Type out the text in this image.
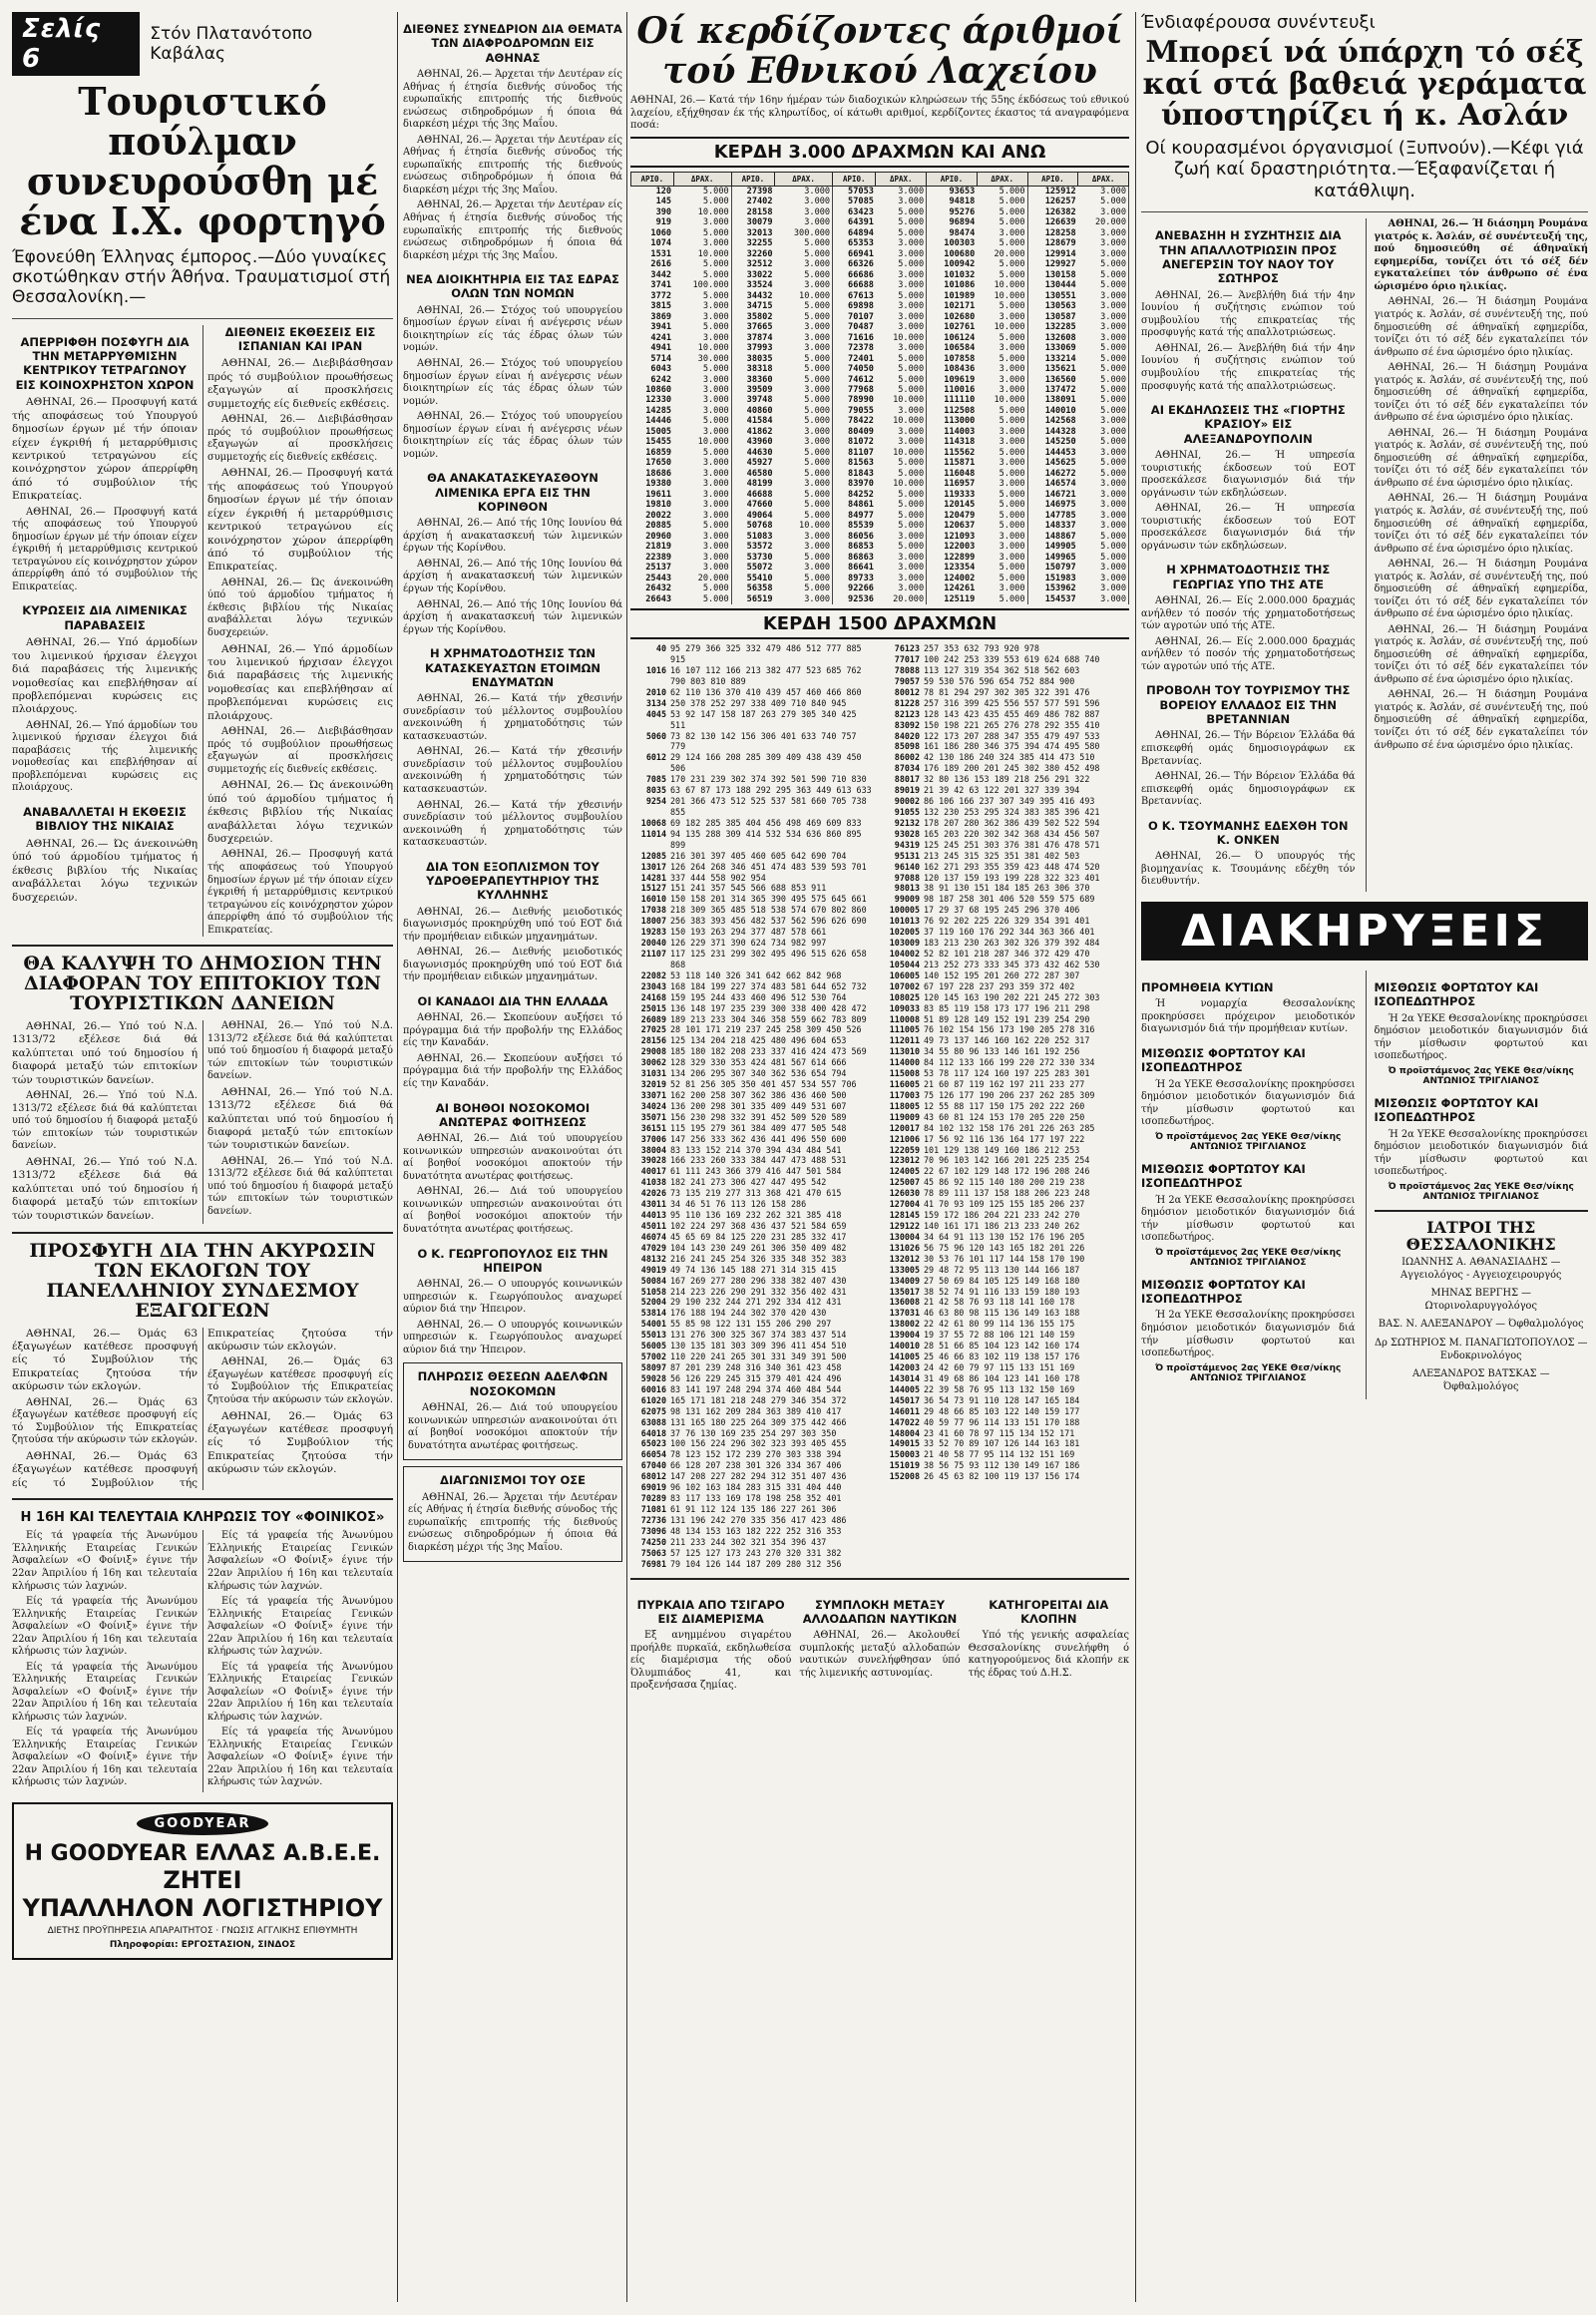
Σελίς 6
Στόν Πλατανότοπο Καβάλας
Τουριστικό πούλμαν συνευρούσθη μέ ένα Ι.Χ. φορτηγό
Έφονεύθη Έλληνας έμπορος.—Δύο γυναίκες σκοτώθηκαν στήν Άθήνα. Τραυματισμοί στή Θεσσαλονίκη.—
ΑΠΕΡΡΙΦΘΗ ΠΟΣΦΥΓΗ ΔΙΑ ΤΗΝ ΜΕΤΑΡΡΥΘΜΙΣΗΝ ΚΕΝΤΡΙΚΟΥ ΤΕΤΡΑΓΩΝΟΥ ΕΙΣ ΚΟΙΝΟΧΡΗΣΤΟΝ ΧΩΡΟΝ

ΑΘΗΝΑΙ, 26.— Προσφυγή κατά τής αποφάσεως τού Υπουργού δημοσίων έργων μέ τήν όποιαν είχεν έγκριθή ή μεταρρύθμισις κεντρικού τετραγώνου είς κοινόχρηστον χώρον άπερρίφθη άπό τό συμβούλιον τής Επικρατείας.

ΑΘΗΝΑΙ, 26.— Προσφυγή κατά τής αποφάσεως τού Υπουργού δημοσίων έργων μέ τήν όποιαν είχεν έγκριθή ή μεταρρύθμισις κεντρικού τετραγώνου είς κοινόχρηστον χώρον άπερρίφθη άπό τό συμβούλιον τής Επικρατείας.

ΚΥΡΩΣΕΙΣ ΔΙΑ ΛΙΜΕΝΙΚΑΣ ΠΑΡΑΒΑΣΕΙΣ

ΑΘΗΝΑΙ, 26.— Υπό άρμοδίων του λιμενικού ήρχισαν έλεγχοι διά παραβάσεις τής λιμενικής νομοθεσίας και επεβλήθησαν αί προβλεπόμεναι κυρώσεις εις πλοιάρχους.

ΑΘΗΝΑΙ, 26.— Υπό άρμοδίων του λιμενικού ήρχισαν έλεγχοι διά παραβάσεις τής λιμενικής νομοθεσίας και επεβλήθησαν αί προβλεπόμεναι κυρώσεις εις πλοιάρχους.

ΑΝΑΒΑΛΛΕΤΑΙ Η ΕΚΘΕΣΙΣ ΒΙΒΛΙΟΥ ΤΗΣ ΝΙΚΑΙΑΣ

ΑΘΗΝΑΙ, 26.— Ώς άνεκοινώθη ύπό τού άρμοδίου τμήματος ή έκθεσις βιβλίου τής Νικαίας αναβάλλεται λόγω τεχνικών δυσχερειών.

ΔΙΕΘΝΕΙΣ ΕΚΘΕΣΕΙΣ ΕΙΣ ΙΣΠΑΝΙΑΝ ΚΑΙ ΙΡΑΝ

ΑΘΗΝΑΙ, 26.— Διεβιβάσθησαν πρός τό συμβούλιον προωθήσεως εξαγωγών αί προσκλήσεις συμμετοχής είς διεθνείς εκθέσεις.

ΑΘΗΝΑΙ, 26.— Διεβιβάσθησαν πρός τό συμβούλιον προωθήσεως εξαγωγών αί προσκλήσεις συμμετοχής είς διεθνείς εκθέσεις.

ΑΘΗΝΑΙ, 26.— Προσφυγή κατά τής αποφάσεως τού Υπουργού δημοσίων έργων μέ τήν όποιαν είχεν έγκριθή ή μεταρρύθμισις κεντρικού τετραγώνου είς κοινόχρηστον χώρον άπερρίφθη άπό τό συμβούλιον τής Επικρατείας.

ΑΘΗΝΑΙ, 26.— Ώς άνεκοινώθη ύπό τού άρμοδίου τμήματος ή έκθεσις βιβλίου τής Νικαίας αναβάλλεται λόγω τεχνικών δυσχερειών.

ΑΘΗΝΑΙ, 26.— Υπό άρμοδίων του λιμενικού ήρχισαν έλεγχοι διά παραβάσεις τής λιμενικής νομοθεσίας και επεβλήθησαν αί προβλεπόμεναι κυρώσεις εις πλοιάρχους.

ΑΘΗΝΑΙ, 26.— Διεβιβάσθησαν πρός τό συμβούλιον προωθήσεως εξαγωγών αί προσκλήσεις συμμετοχής είς διεθνείς εκθέσεις.

ΑΘΗΝΑΙ, 26.— Ώς άνεκοινώθη ύπό τού άρμοδίου τμήματος ή έκθεσις βιβλίου τής Νικαίας αναβάλλεται λόγω τεχνικών δυσχερειών.

ΑΘΗΝΑΙ, 26.— Προσφυγή κατά τής αποφάσεως τού Υπουργού δημοσίων έργων μέ τήν όποιαν είχεν έγκριθή ή μεταρρύθμισις κεντρικού τετραγώνου είς κοινόχρηστον χώρον άπερρίφθη άπό τό συμβούλιον τής Επικρατείας.

ΘΑ ΚΑΛΥΨΗ ΤΟ ΔΗΜΟΣΙΟΝ ΤΗΝ ΔΙΑΦΟΡΑΝ ΤΟΥ ΕΠΙΤΟΚΙΟΥ ΤΩΝ ΤΟΥΡΙΣΤΙΚΩΝ ΔΑΝΕΙΩΝ

ΑΘΗΝΑΙ, 26.— Υπό τού Ν.Δ. 1313/72 εξέλεσε διά θά καλύπτεται υπό τού δημοσίου ή διαφορά μεταξύ τών επιτοκίων τών τουριστικών δανείων.

ΑΘΗΝΑΙ, 26.— Υπό τού Ν.Δ. 1313/72 εξέλεσε διά θά καλύπτεται υπό τού δημοσίου ή διαφορά μεταξύ τών επιτοκίων τών τουριστικών δανείων.

ΑΘΗΝΑΙ, 26.— Υπό τού Ν.Δ. 1313/72 εξέλεσε διά θά καλύπτεται υπό τού δημοσίου ή διαφορά μεταξύ τών επιτοκίων τών τουριστικών δανείων.

ΑΘΗΝΑΙ, 26.— Υπό τού Ν.Δ. 1313/72 εξέλεσε διά θά καλύπτεται υπό τού δημοσίου ή διαφορά μεταξύ τών επιτοκίων τών τουριστικών δανείων.

ΑΘΗΝΑΙ, 26.— Υπό τού Ν.Δ. 1313/72 εξέλεσε διά θά καλύπτεται υπό τού δημοσίου ή διαφορά μεταξύ τών επιτοκίων τών τουριστικών δανείων.

ΑΘΗΝΑΙ, 26.— Υπό τού Ν.Δ. 1313/72 εξέλεσε διά θά καλύπτεται υπό τού δημοσίου ή διαφορά μεταξύ τών επιτοκίων τών τουριστικών δανείων.

ΠΡΟΣΦΥΓΗ ΔΙΑ ΤΗΝ ΑΚΥΡΩΣΙΝ ΤΩΝ ΕΚΛΟΓΩΝ ΤΟΥ ΠΑΝΕΛΛΗΝΙΟΥ ΣΥΝΔΕΣΜΟΥ ΕΞΑΓΩΓΕΩΝ

ΑΘΗΝΑΙ, 26.— Όμάς 63 έξαγωγέων κατέθεσε προσφυγή είς τό Συμβούλιον τής Επικρατείας ζητούσα τήν ακύρωσιν τών εκλογών.

ΑΘΗΝΑΙ, 26.— Όμάς 63 έξαγωγέων κατέθεσε προσφυγή είς τό Συμβούλιον τής Επικρατείας ζητούσα τήν ακύρωσιν τών εκλογών.

ΑΘΗΝΑΙ, 26.— Όμάς 63 έξαγωγέων κατέθεσε προσφυγή είς τό Συμβούλιον τής Επικρατείας ζητούσα τήν ακύρωσιν τών εκλογών.

ΑΘΗΝΑΙ, 26.— Όμάς 63 έξαγωγέων κατέθεσε προσφυγή είς τό Συμβούλιον τής Επικρατείας ζητούσα τήν ακύρωσιν τών εκλογών.

ΑΘΗΝΑΙ, 26.— Όμάς 63 έξαγωγέων κατέθεσε προσφυγή είς τό Συμβούλιον τής Επικρατείας ζητούσα τήν ακύρωσιν τών εκλογών.

Η 16Η ΚΑΙ ΤΕΛΕΥΤΑΙΑ ΚΛΗΡΩΣΙΣ ΤΟΥ «ΦΟΙΝΙΚΟΣ»

Είς τά γραφεία τής Άνωνύμου Έλληνικής Εταιρείας Γενικών Άσφαλείων «Ο Φοίνιξ» έγινε τήν 22αν Άπριλίου ή 16η και τελευταία κλήρωσις τών λαχνών.

Είς τά γραφεία τής Άνωνύμου Έλληνικής Εταιρείας Γενικών Άσφαλείων «Ο Φοίνιξ» έγινε τήν 22αν Άπριλίου ή 16η και τελευταία κλήρωσις τών λαχνών.

Είς τά γραφεία τής Άνωνύμου Έλληνικής Εταιρείας Γενικών Άσφαλείων «Ο Φοίνιξ» έγινε τήν 22αν Άπριλίου ή 16η και τελευταία κλήρωσις τών λαχνών.

Είς τά γραφεία τής Άνωνύμου Έλληνικής Εταιρείας Γενικών Άσφαλείων «Ο Φοίνιξ» έγινε τήν 22αν Άπριλίου ή 16η και τελευταία κλήρωσις τών λαχνών.

Είς τά γραφεία τής Άνωνύμου Έλληνικής Εταιρείας Γενικών Άσφαλείων «Ο Φοίνιξ» έγινε τήν 22αν Άπριλίου ή 16η και τελευταία κλήρωσις τών λαχνών.

Είς τά γραφεία τής Άνωνύμου Έλληνικής Εταιρείας Γενικών Άσφαλείων «Ο Φοίνιξ» έγινε τήν 22αν Άπριλίου ή 16η και τελευταία κλήρωσις τών λαχνών.

Είς τά γραφεία τής Άνωνύμου Έλληνικής Εταιρείας Γενικών Άσφαλείων «Ο Φοίνιξ» έγινε τήν 22αν Άπριλίου ή 16η και τελευταία κλήρωσις τών λαχνών.

Είς τά γραφεία τής Άνωνύμου Έλληνικής Εταιρείας Γενικών Άσφαλείων «Ο Φοίνιξ» έγινε τήν 22αν Άπριλίου ή 16η και τελευταία κλήρωσις τών λαχνών.

GOODYEAR
Η GOODYEAR ΕΛΛΑΣ Α.Β.Ε.Ε.
ΖΗΤΕΙ
ΥΠΑΛΛΗΛΟΝ ΛΟΓΙΣΤΗΡΙΟΥ
ΔΙΕΤΗΣ ΠΡΟΫΠΗΡΕΣΙΑ ΑΠΑΡΑΙΤΗΤΟΣ · ΓΝΩΣΙΣ ΑΓΓΛΙΚΗΣ ΕΠΙΘΥΜΗΤΗ
Πληροφορίαι: ΕΡΓΟΣΤΑΣΙΟΝ, ΣΙΝΔΟΣ
ΔΙΕΘΝΕΣ ΣΥΝΕΔΡΙΟΝ ΔΙΑ ΘΕΜΑΤΑ ΤΩΝ ΔΙΑΦΡΟΔΡΟΜΩΝ ΕΙΣ ΑΘΗΝΑΣ

ΑΘΗΝΑΙ, 26.— Άρχεται τήν Δευτέραν είς Αθήνας ή έτησία διεθνής σύνοδος τής ευρωπαϊκής επιτροπής τής διεθνούς ενώσεως σιδηροδρόμων ή όποια θά διαρκέση μέχρι τής 3ης Μαΐου.

ΑΘΗΝΑΙ, 26.— Άρχεται τήν Δευτέραν είς Αθήνας ή έτησία διεθνής σύνοδος τής ευρωπαϊκής επιτροπής τής διεθνούς ενώσεως σιδηροδρόμων ή όποια θά διαρκέση μέχρι τής 3ης Μαΐου.

ΑΘΗΝΑΙ, 26.— Άρχεται τήν Δευτέραν είς Αθήνας ή έτησία διεθνής σύνοδος τής ευρωπαϊκής επιτροπής τής διεθνούς ενώσεως σιδηροδρόμων ή όποια θά διαρκέση μέχρι τής 3ης Μαΐου.

ΝΕΑ ΔΙΟΙΚΗΤΗΡΙΑ ΕΙΣ ΤΑΣ ΕΔΡΑΣ ΟΛΩΝ ΤΩΝ ΝΟΜΩΝ

ΑΘΗΝΑΙ, 26.— Στόχος τού υπουργείου δημοσίων έργων είναι ή ανέγερσις νέων διοικητηρίων είς τάς έδρας όλων τών νομών.

ΑΘΗΝΑΙ, 26.— Στόχος τού υπουργείου δημοσίων έργων είναι ή ανέγερσις νέων διοικητηρίων είς τάς έδρας όλων τών νομών.

ΑΘΗΝΑΙ, 26.— Στόχος τού υπουργείου δημοσίων έργων είναι ή ανέγερσις νέων διοικητηρίων είς τάς έδρας όλων τών νομών.

ΘΑ ΑΝΑΚΑΤΑΣΚΕΥΑΣΘΟΥΝ ΛΙΜΕΝΙΚΑ ΕΡΓΑ ΕΙΣ ΤΗΝ ΚΟΡΙΝΘΟΝ

ΑΘΗΝΑΙ, 26.— Από τής 10ης Ιουνίου θά άρχίση ή ανακατασκευή τών λιμενικών έργων τής Κορίνθου.

ΑΘΗΝΑΙ, 26.— Από τής 10ης Ιουνίου θά άρχίση ή ανακατασκευή τών λιμενικών έργων τής Κορίνθου.

ΑΘΗΝΑΙ, 26.— Από τής 10ης Ιουνίου θά άρχίση ή ανακατασκευή τών λιμενικών έργων τής Κορίνθου.

Η ΧΡΗΜΑΤΟΔΟΤΗΣΙΣ ΤΩΝ ΚΑΤΑΣΚΕΥΑΣΤΩΝ ΕΤΟΙΜΩΝ ΕΝΔΥΜΑΤΩΝ

ΑΘΗΝΑΙ, 26.— Κατά τήν χθεσινήν συνεδρίασιν τού μέλλοντος συμβουλίου ανεκοινώθη ή χρηματοδότησις τών κατασκευαστών.

ΑΘΗΝΑΙ, 26.— Κατά τήν χθεσινήν συνεδρίασιν τού μέλλοντος συμβουλίου ανεκοινώθη ή χρηματοδότησις τών κατασκευαστών.

ΑΘΗΝΑΙ, 26.— Κατά τήν χθεσινήν συνεδρίασιν τού μέλλοντος συμβουλίου ανεκοινώθη ή χρηματοδότησις τών κατασκευαστών.

ΔΙΑ ΤΟΝ ΕΞΟΠΛΙΣΜΟΝ ΤΟΥ ΥΔΡΟΘΕΡΑΠΕΥΤΗΡΙΟΥ ΤΗΣ ΚΥΛΛΗΝΗΣ

ΑΘΗΝΑΙ, 26.— Διεθνής μειοδοτικός διαγωνισμός προκηρύχθη υπό τού ΕΟΤ διά τήν προμήθειαν ειδικών μηχανημάτων.

ΑΘΗΝΑΙ, 26.— Διεθνής μειοδοτικός διαγωνισμός προκηρύχθη υπό τού ΕΟΤ διά τήν προμήθειαν ειδικών μηχανημάτων.

ΟΙ ΚΑΝΑΔΟΙ ΔΙΑ ΤΗΝ ΕΛΛΑΔΑ

ΑΘΗΝΑΙ, 26.— Σκοπεύουν αυξήσει τό πρόγραμμα διά τήν προβολήν της Ελλάδος είς την Καναδάν.

ΑΘΗΝΑΙ, 26.— Σκοπεύουν αυξήσει τό πρόγραμμα διά τήν προβολήν της Ελλάδος είς την Καναδάν.

ΑΙ ΒΟΗΘΟΙ ΝΟΣΟΚΟΜΟΙ ΑΝΩΤΕΡΑΣ ΦΟΙΤΗΣΕΩΣ

ΑΘΗΝΑΙ, 26.— Διά τού υπουργείου κοινωνικών υπηρεσιών ανακοινούται ότι αί βοηθοί νοσοκόμοι αποκτούν τήν δυνατότητα ανωτέρας φοιτήσεως.

ΑΘΗΝΑΙ, 26.— Διά τού υπουργείου κοινωνικών υπηρεσιών ανακοινούται ότι αί βοηθοί νοσοκόμοι αποκτούν τήν δυνατότητα ανωτέρας φοιτήσεως.

Ο Κ. ΓΕΩΡΓΟΠΟΥΛΟΣ ΕΙΣ ΤΗΝ ΗΠΕΙΡΟΝ

ΑΘΗΝΑΙ, 26.— Ο υπουργός κοινωνικών υπηρεσιών κ. Γεωργόπουλος αναχωρεί αύριον διά την Ήπειρον.

ΑΘΗΝΑΙ, 26.— Ο υπουργός κοινωνικών υπηρεσιών κ. Γεωργόπουλος αναχωρεί αύριον διά την Ήπειρον.

ΠΛΗΡΩΣΙΣ ΘΕΣΕΩΝ ΑΔΕΛΦΩΝ ΝΟΣΟΚΟΜΩΝ

ΑΘΗΝΑΙ, 26.— Διά τού υπουργείου κοινωνικών υπηρεσιών ανακοινούται ότι αί βοηθοί νοσοκόμοι αποκτούν τήν δυνατότητα ανωτέρας φοιτήσεως.

ΔΙΑΓΩΝΙΣΜΟΙ ΤΟΥ ΟΣΕ

ΑΘΗΝΑΙ, 26.— Άρχεται τήν Δευτέραν είς Αθήνας ή έτησία διεθνής σύνοδος τής ευρωπαϊκής επιτροπής τής διεθνούς ενώσεως σιδηροδρόμων ή όποια θά διαρκέση μέχρι τής 3ης Μαΐου.

Οί κερδίζοντες άριθμοί τού Εθνικού Λαχείου

ΑΘΗΝΑΙ, 26.— Κατά τήν 16ην ήμέραν τών διαδοχικών κληρώσεων τής 55ης έκδόσεως τού εθνικού λαχείου, εξήχθησαν έκ τής κληρωτίδος, οί κάτωθι αριθμοί, κερδίζοντες έκαστος τά αναγραφόμενα ποσά:

ΚΕΡΔΗ 3.000 ΔΡΑΧΜΩΝ ΚΑΙ ΑΝΩ
ΑΡΙΘ.	ΔΡΑΧ.	ΑΡΙΘ.	ΔΡΑΧ.	ΑΡΙΘ.	ΔΡΑΧ.	ΑΡΙΘ.	ΔΡΑΧ.	ΑΡΙΘ.	ΔΡΑΧ.
120	5.000	27398	3.000	57053	3.000	93653	5.000	125912	3.000
145	5.000	27402	3.000	57085	3.000	94818	5.000	126257	5.000
390	10.000	28158	3.000	63423	5.000	95276	5.000	126382	3.000
919	3.000	30079	3.000	64391	5.000	96894	5.000	126639	20.000
1060	5.000	32013	300.000	64894	5.000	98474	3.000	128258	3.000
1074	3.000	32255	5.000	65353	3.000	100303	5.000	128679	3.000
1531	10.000	32260	5.000	66941	3.000	100680	20.000	129914	3.000
2616	5.000	32512	3.000	66326	5.000	100942	5.000	129927	5.000
3442	5.000	33022	5.000	66686	3.000	101032	5.000	130158	5.000
3741	100.000	33524	3.000	66688	3.000	101086	10.000	130444	5.000
3772	5.000	34432	10.000	67613	5.000	101989	10.000	130551	3.000
3815	3.000	34715	5.000	69898	3.000	102171	5.000	130563	3.000
3869	3.000	35802	5.000	70107	3.000	102680	3.000	130587	3.000
3941	5.000	37665	3.000	70487	3.000	102761	10.000	132285	3.000
4241	3.000	37874	3.000	71616	10.000	106124	5.000	132608	3.000
4941	10.000	37993	3.000	72378	3.000	106584	3.000	133069	5.000
5714	30.000	38035	5.000	72401	5.000	107858	5.000	133214	5.000
6043	5.000	38318	5.000	74050	5.000	108436	3.000	135621	5.000
6242	3.000	38360	5.000	74612	5.000	109619	3.000	136560	5.000
10860	3.000	39509	3.000	77968	5.000	110016	3.000	137472	5.000
12330	3.000	39748	5.000	78990	10.000	111110	10.000	138091	5.000
14285	3.000	40860	5.000	79055	3.000	112508	5.000	140010	5.000
14446	5.000	41584	5.000	78422	10.000	113000	5.000	142568	3.000
15005	3.000	41862	3.000	80409	3.000	114003	3.000	144328	3.000
15455	10.000	43960	3.000	81072	3.000	114318	3.000	145250	5.000
16859	5.000	44630	5.000	81107	10.000	115562	5.000	144453	3.000
17650	3.000	45927	5.000	81563	5.000	115871	3.000	145625	5.000
18686	3.000	46580	5.000	81843	5.000	116048	5.000	146272	5.000
19380	3.000	48199	3.000	83970	10.000	116957	3.000	146574	3.000
19611	3.000	46688	5.000	84252	5.000	119333	5.000	146721	3.000
19810	3.000	47660	5.000	84861	5.000	120145	5.000	146975	3.000
20022	3.000	49064	5.000	84977	5.000	120479	5.000	147785	3.000
20885	5.000	50768	10.000	85539	5.000	120637	5.000	148337	3.000
20960	3.000	51083	3.000	86056	3.000	121093	3.000	148867	5.000
21819	3.000	53572	3.000	86853	5.000	122003	3.000	149905	5.000
22389	3.000	53730	5.000	86863	3.000	122899	3.000	149965	5.000
25137	3.000	55072	3.000	86641	3.000	123354	5.000	150797	3.000
25443	20.000	55410	5.000	89733	3.000	124002	5.000	151983	3.000
26432	5.000	56358	5.000	92266	3.000	124261	3.000	153962	3.000
26643	5.000	56519	3.000	92536	20.000	125119	5.000	154537	3.000
ΚΕΡΔΗ 1500 ΔΡΑΧΜΩΝ
40 95 279 366 325 332 479 486 512 777 885 915
1016 16 107 112 166 213 382 477 523 685 762 790 803 810 889
2010 62 110 136 370 410 439 457 460 466 860
3134 250 378 252 297 338 409 710 840 945
4045 53 92 147 158 187 263 279 305 340 425 511
5060 73 82 130 142 156 306 401 633 740 757 779
6012 29 124 166 208 285 309 409 438 439 450 506
7085 170 231 239 302 374 392 501 590 710 830
8035 63 67 87 173 188 292 295 363 449 613 633
9254 201 366 473 512 525 537 581 660 705 738 855
10068 69 182 285 385 404 456 498 469 609 833
11014 94 135 288 309 414 532 534 636 860 895 899
12085 216 301 397 405 460 605 642 690 704
13017 126 264 268 346 451 474 483 539 593 701
14281 337 444 558 902 954
15127 151 241 357 545 566 688 853 911
16010 150 158 201 314 365 390 495 575 645 661
17038 218 309 365 485 518 538 574 670 802 860
18007 256 383 393 456 482 537 562 596 626 690
19283 150 193 263 294 377 487 578 661
20040 126 229 371 390 624 734 982 997
21107 117 125 231 299 302 495 496 515 626 658 868
22082 53 118 140 326 341 642 662 842 968
23043 168 184 199 227 374 483 581 644 652 732
24168 159 195 244 433 460 496 512 530 764
25015 136 148 197 235 239 300 338 400 428 472
26089 189 213 233 304 346 358 559 662 783 809
27025 28 101 171 219 237 245 258 309 450 526
28156 125 134 204 218 425 480 496 604 653
29008 185 180 182 208 233 337 416 424 473 569
30062 128 329 330 353 424 481 567 614 666
31031 134 206 295 307 340 362 536 654 794
32019 52 81 256 305 350 401 457 534 557 706
33071 162 200 258 307 362 386 436 460 500
34024 136 200 298 301 335 409 449 531 607
35071 156 230 298 332 391 452 509 520 589
36151 115 195 279 361 384 409 477 505 548
37006 147 256 333 362 436 441 496 550 600
38004 83 133 152 214 370 394 434 484 541
39028 166 233 260 333 384 447 473 488 531
40017 61 111 243 366 379 416 447 501 584
41038 182 241 273 306 427 447 495 542
42026 73 135 219 277 313 368 421 470 615
43011 34 46 51 76 113 126 158 286
44013 95 110 136 169 232 262 321 385 418
45011 102 224 297 368 436 437 521 584 659
46074 45 65 69 84 125 220 231 285 332 417
47029 104 143 230 249 261 306 350 409 482
48132 216 241 245 254 326 335 348 352 383
49019 49 74 136 145 188 271 314 315 415
50084 167 269 277 280 296 338 382 407 430
51058 214 223 226 290 291 332 356 402 431
52004 29 190 232 244 271 292 334 412 431
53814 176 188 194 244 302 370 420 430
54001 55 85 98 122 131 155 206 290 297
55013 131 276 300 325 367 374 383 437 514
56005 130 135 181 303 309 396 411 454 510
57002 110 220 241 265 301 331 349 391 500
58097 87 201 239 248 316 340 361 423 458
59028 56 126 229 245 315 379 401 424 496
60016 83 141 197 248 294 374 460 484 544
61020 165 171 181 218 248 279 346 354 372
62075 98 131 162 209 284 363 389 410 417
63088 131 165 180 225 264 309 375 442 466
64018 37 76 130 169 235 254 297 303 350
65023 100 156 224 296 302 323 393 405 455
66054 78 123 152 172 239 270 303 338 394
67040 66 128 207 238 301 326 334 367 406
68012 147 208 227 282 294 312 351 407 436
69019 96 102 163 184 283 315 331 404 440
70289 83 117 133 169 178 198 258 352 401
71081 61 91 112 124 135 186 227 261 306
72736 131 196 242 270 335 356 417 423 486
73096 48 134 153 163 182 222 252 316 353
74250 211 233 244 302 321 354 396 437
75063 57 125 127 173 243 270 320 331 382
76981 79 104 126 144 187 209 280 312 356
76123 257 353 632 793 920 978
77017 100 242 253 339 553 619 624 688 740
78088 113 127 319 354 362 518 562 603
79057 59 530 576 596 654 752 884 900
80012 78 81 294 297 302 305 322 391 476
81228 257 316 399 425 556 557 577 591 596
82123 128 143 423 435 455 469 486 782 887
83092 150 198 221 265 276 278 292 355 410
84020 122 173 207 288 347 355 479 497 533
85098 161 186 280 346 375 394 474 495 580
86002 42 130 186 240 324 385 414 473 510
87034 176 189 200 201 245 302 380 452 498
88017 32 80 136 153 189 218 256 291 322
89019 21 39 42 63 122 201 327 339 394
90002 86 106 166 237 307 349 395 416 493
91055 132 230 253 295 324 383 385 396 421
92132 178 207 280 362 386 439 502 522 594
93028 165 203 220 302 342 368 434 456 507
94319 125 245 251 303 376 381 476 478 571
95131 213 245 315 325 351 381 402 503
96140 162 271 293 355 359 423 448 474 520
97088 120 137 159 193 199 228 322 323 401
98013 38 91 130 151 184 185 263 306 370
99009 98 187 258 301 406 520 559 575 689
100005 17 29 37 68 195 245 296 370 406
101013 76 92 202 225 226 329 354 391 401
102005 37 119 160 176 292 344 363 366 401
103009 183 213 230 263 302 326 379 392 484
104002 52 82 101 218 287 346 372 429 470
105044 213 252 273 333 345 373 432 462 530
106005 140 152 195 201 260 272 287 307
107002 67 197 228 237 293 359 372 402
108025 120 145 163 190 202 221 245 272 303
109033 83 85 119 158 173 177 196 211 298
110008 51 89 128 149 152 191 239 254 290
111005 76 102 154 156 173 190 205 278 316
112011 49 73 137 146 160 162 220 252 317
113010 34 55 80 96 133 146 161 192 256
114000 84 112 133 166 199 220 272 330 334
115008 53 78 117 124 160 197 225 283 301
116005 21 60 87 119 162 197 211 233 277
117003 75 126 177 190 206 237 262 285 309
118005 12 55 88 117 150 175 202 222 260
119009 43 60 81 124 153 170 205 220 250
120017 84 102 132 158 176 201 226 263 285
121006 17 56 92 116 136 164 177 197 222
122059 101 129 138 149 160 186 212 253
123012 70 96 103 142 166 201 225 235 254
124005 22 67 102 129 148 172 196 208 246
125007 45 86 92 115 140 180 200 219 238
126030 78 89 111 137 158 188 206 223 248
127004 41 70 93 109 125 155 185 206 237
128145 159 172 186 204 221 233 242 270
129122 140 161 171 186 213 233 240 262
130004 34 64 91 113 130 152 176 196 205
131026 56 75 96 120 143 165 182 201 226
132012 30 53 76 101 117 144 158 170 190
133005 29 48 72 95 113 130 144 166 187
134009 27 50 69 84 105 125 149 168 180
135017 38 52 74 91 116 133 159 180 193
136008 21 42 58 76 93 118 141 160 178
137031 46 63 80 98 115 136 149 163 188
138002 22 42 61 80 99 114 136 155 175
139004 19 37 55 72 88 106 121 140 159
140010 28 51 66 85 104 123 142 160 174
141005 25 46 66 83 102 119 138 157 176
142003 24 42 60 79 97 115 133 151 169
143014 31 49 68 86 104 123 141 160 178
144005 22 39 58 76 95 113 132 150 169
145017 36 54 73 91 110 128 147 165 184
146011 29 48 66 85 103 122 140 159 177
147022 40 59 77 96 114 133 151 170 188
148004 23 41 60 78 97 115 134 152 171
149015 33 52 70 89 107 126 144 163 181
150003 21 40 58 77 95 114 132 151 169
151019 38 56 75 93 112 130 149 167 186
152008 26 45 63 82 100 119 137 156 174
ΠΥΡΚΑΙΑ ΑΠΟ ΤΣΙΓΑΡΟ ΕΙΣ ΔΙΑΜΕΡΙΣΜΑ

Εξ ανημμένου σιγαρέτου προήλθε πυρκαϊά, εκδηλωθείσα είς διαμέρισμα τής οδού Όλυμπιάδος 41, και προξενήσασα ζημίας.

ΣΥΜΠΛΟΚΗ ΜΕΤΑΞΥ ΑΛΛΟΔΑΠΩΝ ΝΑΥΤΙΚΩΝ

ΑΘΗΝΑΙ, 26.— Ακολουθεί συμπλοκής μεταξύ αλλοδαπών ναυτικών συνελήφθησαν ύπό τής λιμενικής αστυνομίας.

ΚΑΤΗΓΟΡΕΙΤΑΙ ΔΙΑ ΚΛΟΠΗΝ

Υπό τής γενικής ασφαλείας Θεσσαλονίκης συνελήφθη ό κατηγορούμενος διά κλοπήν εκ τής έδρας τού Δ.Η.Σ.

Ένδιαφέρουσα συνέντευξι
Μπορεί νά ύπάρχη τό σέξ καί στά βαθειά γεράματα ύποστηρίζει ή κ. Ασλάν
Οί κουρασμένοι όργανισμοί (Ξυπνούν).—Κέφι γιά ζωή καί δραστηριότητα.—Έξαφανίζεται ή κατάθλιψη.
ΑΝΕΒΑΣΗΗ Η ΣΥΖΗΤΗΣΙΣ ΔΙΑ ΤΗΝ ΑΠΑΛΛΟΤΡΙΩΣΙΝ ΠΡΟΣ ΑΝΕΓΕΡΣΙΝ ΤΟΥ ΝΑΟΥ ΤΟΥ ΣΩΤΗΡΟΣ

ΑΘΗΝΑΙ, 26.— Άνεβλήθη διά τήν 4ην Ιουνίου ή συζήτησις ενώπιον τού συμβουλίου τής επικρατείας τής προσφυγής κατά τής απαλλοτριώσεως.

ΑΘΗΝΑΙ, 26.— Άνεβλήθη διά τήν 4ην Ιουνίου ή συζήτησις ενώπιον τού συμβουλίου τής επικρατείας τής προσφυγής κατά τής απαλλοτριώσεως.

ΑΙ ΕΚΔΗΛΩΣΕΙΣ ΤΗΣ «ΓΙΟΡΤΗΣ ΚΡΑΣΙΟΥ» ΕΙΣ ΑΛΕΞΑΝΔΡΟΥΠΟΛΙΝ

ΑΘΗΝΑΙ, 26.— Ή υπηρεσία τουριστικής έκδοσεων τού ΕΟΤ προσεκάλεσε διαγωνισμόν διά τήν οργάνωσιν τών εκδηλώσεων.

ΑΘΗΝΑΙ, 26.— Ή υπηρεσία τουριστικής έκδοσεων τού ΕΟΤ προσεκάλεσε διαγωνισμόν διά τήν οργάνωσιν τών εκδηλώσεων.

Η ΧΡΗΜΑΤΟΔΟΤΗΣΙΣ ΤΗΣ ΓΕΩΡΓΙΑΣ ΥΠΟ ΤΗΣ ΑΤΕ

ΑΘΗΝΑΙ, 26.— Είς 2.000.000 δραχμάς ανήλθεν τό ποσόν τής χρηματοδοτήσεως τών αγροτών υπό τής ΑΤΕ.

ΑΘΗΝΑΙ, 26.— Είς 2.000.000 δραχμάς ανήλθεν τό ποσόν τής χρηματοδοτήσεως τών αγροτών υπό τής ΑΤΕ.

ΠΡΟΒΟΛΗ ΤΟΥ ΤΟΥΡΙΣΜΟΥ ΤΗΣ ΒΟΡΕΙΟΥ ΕΛΛΑΔΟΣ ΕΙΣ ΤΗΝ ΒΡΕΤΑΝΝΙΑΝ

ΑΘΗΝΑΙ, 26.— Τήν Βόρειον Έλλάδα θά επισκεφθή ομάς δημοσιογράφων εκ Βρεταννίας.

ΑΘΗΝΑΙ, 26.— Τήν Βόρειον Έλλάδα θά επισκεφθή ομάς δημοσιογράφων εκ Βρεταννίας.

Ο Κ. ΤΣΟΥΜΑΝΗΣ ΕΔΕΧΘΗ ΤΟΝ Κ. ΟΝΚΕΝ

ΑΘΗΝΑΙ, 26.— Ό υπουργός τής βιομηχανίας κ. Τσουμάνης εδέχθη τόν διευθυντήν.

ΑΘΗΝΑΙ, 26.— Ή διάσημη Ρουμάνα γιατρός κ. Άσλάν, σέ συνέντευξή της, πού δημοσιεύθη σέ άθηναϊκή εφημερίδα, τονίζει ότι τό σέξ δέν εγκαταλείπει τόν άνθρωπο σέ ένα ώρισμένο όριο ηλικίας.

ΑΘΗΝΑΙ, 26.— Ή διάσημη Ρουμάνα γιατρός κ. Άσλάν, σέ συνέντευξή της, πού δημοσιεύθη σέ άθηναϊκή εφημερίδα, τονίζει ότι τό σέξ δέν εγκαταλείπει τόν άνθρωπο σέ ένα ώρισμένο όριο ηλικίας.

ΑΘΗΝΑΙ, 26.— Ή διάσημη Ρουμάνα γιατρός κ. Άσλάν, σέ συνέντευξή της, πού δημοσιεύθη σέ άθηναϊκή εφημερίδα, τονίζει ότι τό σέξ δέν εγκαταλείπει τόν άνθρωπο σέ ένα ώρισμένο όριο ηλικίας.

ΑΘΗΝΑΙ, 26.— Ή διάσημη Ρουμάνα γιατρός κ. Άσλάν, σέ συνέντευξή της, πού δημοσιεύθη σέ άθηναϊκή εφημερίδα, τονίζει ότι τό σέξ δέν εγκαταλείπει τόν άνθρωπο σέ ένα ώρισμένο όριο ηλικίας.

ΑΘΗΝΑΙ, 26.— Ή διάσημη Ρουμάνα γιατρός κ. Άσλάν, σέ συνέντευξή της, πού δημοσιεύθη σέ άθηναϊκή εφημερίδα, τονίζει ότι τό σέξ δέν εγκαταλείπει τόν άνθρωπο σέ ένα ώρισμένο όριο ηλικίας.

ΑΘΗΝΑΙ, 26.— Ή διάσημη Ρουμάνα γιατρός κ. Άσλάν, σέ συνέντευξή της, πού δημοσιεύθη σέ άθηναϊκή εφημερίδα, τονίζει ότι τό σέξ δέν εγκαταλείπει τόν άνθρωπο σέ ένα ώρισμένο όριο ηλικίας.

ΑΘΗΝΑΙ, 26.— Ή διάσημη Ρουμάνα γιατρός κ. Άσλάν, σέ συνέντευξή της, πού δημοσιεύθη σέ άθηναϊκή εφημερίδα, τονίζει ότι τό σέξ δέν εγκαταλείπει τόν άνθρωπο σέ ένα ώρισμένο όριο ηλικίας.

ΑΘΗΝΑΙ, 26.— Ή διάσημη Ρουμάνα γιατρός κ. Άσλάν, σέ συνέντευξή της, πού δημοσιεύθη σέ άθηναϊκή εφημερίδα, τονίζει ότι τό σέξ δέν εγκαταλείπει τόν άνθρωπο σέ ένα ώρισμένο όριο ηλικίας.

ΔΙΑΚΗΡΥΞΕΙΣ
ΠΡΟΜΗΘΕΙΑ ΚΥΤΙΩΝ

Ή νομαρχία Θεσσαλονίκης προκηρύσσει πρόχειρον μειοδοτικόν διαγωνισμόν διά τήν προμήθειαν κυτίων.

ΜΙΣΘΩΣΙΣ ΦΟΡΤΩΤΟΥ ΚΑΙ ΙΣΟΠΕΔΩΤΗΡΟΣ

Ή 2α ΥΕΚΕ Θεσσαλονίκης προκηρύσσει δημόσιον μειοδοτικόν διαγωνισμόν διά τήν μίσθωσιν φορτωτού και ισοπεδωτήρος.

Ό προϊστάμενος 2ας ΥΕΚΕ Θεσ/νίκης ΑΝΤΩΝΙΟΣ ΤΡΙΓΛΙΑΝΟΣ
ΜΙΣΘΩΣΙΣ ΦΟΡΤΩΤΟΥ ΚΑΙ ΙΣΟΠΕΔΩΤΗΡΟΣ

Ή 2α ΥΕΚΕ Θεσσαλονίκης προκηρύσσει δημόσιον μειοδοτικόν διαγωνισμόν διά τήν μίσθωσιν φορτωτού και ισοπεδωτήρος.

Ό προϊστάμενος 2ας ΥΕΚΕ Θεσ/νίκης ΑΝΤΩΝΙΟΣ ΤΡΙΓΛΙΑΝΟΣ
ΜΙΣΘΩΣΙΣ ΦΟΡΤΩΤΟΥ ΚΑΙ ΙΣΟΠΕΔΩΤΗΡΟΣ

Ή 2α ΥΕΚΕ Θεσσαλονίκης προκηρύσσει δημόσιον μειοδοτικόν διαγωνισμόν διά τήν μίσθωσιν φορτωτού και ισοπεδωτήρος.

Ό προϊστάμενος 2ας ΥΕΚΕ Θεσ/νίκης ΑΝΤΩΝΙΟΣ ΤΡΙΓΛΙΑΝΟΣ
ΜΙΣΘΩΣΙΣ ΦΟΡΤΩΤΟΥ ΚΑΙ ΙΣΟΠΕΔΩΤΗΡΟΣ

Ή 2α ΥΕΚΕ Θεσσαλονίκης προκηρύσσει δημόσιον μειοδοτικόν διαγωνισμόν διά τήν μίσθωσιν φορτωτού και ισοπεδωτήρος.

Ό προϊστάμενος 2ας ΥΕΚΕ Θεσ/νίκης ΑΝΤΩΝΙΟΣ ΤΡΙΓΛΙΑΝΟΣ
ΜΙΣΘΩΣΙΣ ΦΟΡΤΩΤΟΥ ΚΑΙ ΙΣΟΠΕΔΩΤΗΡΟΣ

Ή 2α ΥΕΚΕ Θεσσαλονίκης προκηρύσσει δημόσιον μειοδοτικόν διαγωνισμόν διά τήν μίσθωσιν φορτωτού και ισοπεδωτήρος.

Ό προϊστάμενος 2ας ΥΕΚΕ Θεσ/νίκης ΑΝΤΩΝΙΟΣ ΤΡΙΓΛΙΑΝΟΣ
ΙΑΤΡΟΙ ΤΗΣ ΘΕΣΣΑΛΟΝΙΚΗΣ

ΙΩΑΝΝΗΣ Α. ΑΘΑΝΑΣΙΑΔΗΣ — Αγγειολόγος - Αγγειοχειρουργός

ΜΗΝΑΣ ΒΕΡΓΗΣ — Ωτορινολαρυγγολόγος

ΒΑΣ. Ν. ΑΛΕΞΑΝΔΡΟΥ — Όφθαλμολόγος

Δρ ΣΩΤΗΡΙΟΣ Μ. ΠΑΝΑΓΙΩΤΟΠΟΥΛΟΣ — Ενδοκρινολόγος

ΑΛΕΞΑΝΔΡΟΣ ΒΑΤΣΚΑΣ — Όφθαλμολόγος
